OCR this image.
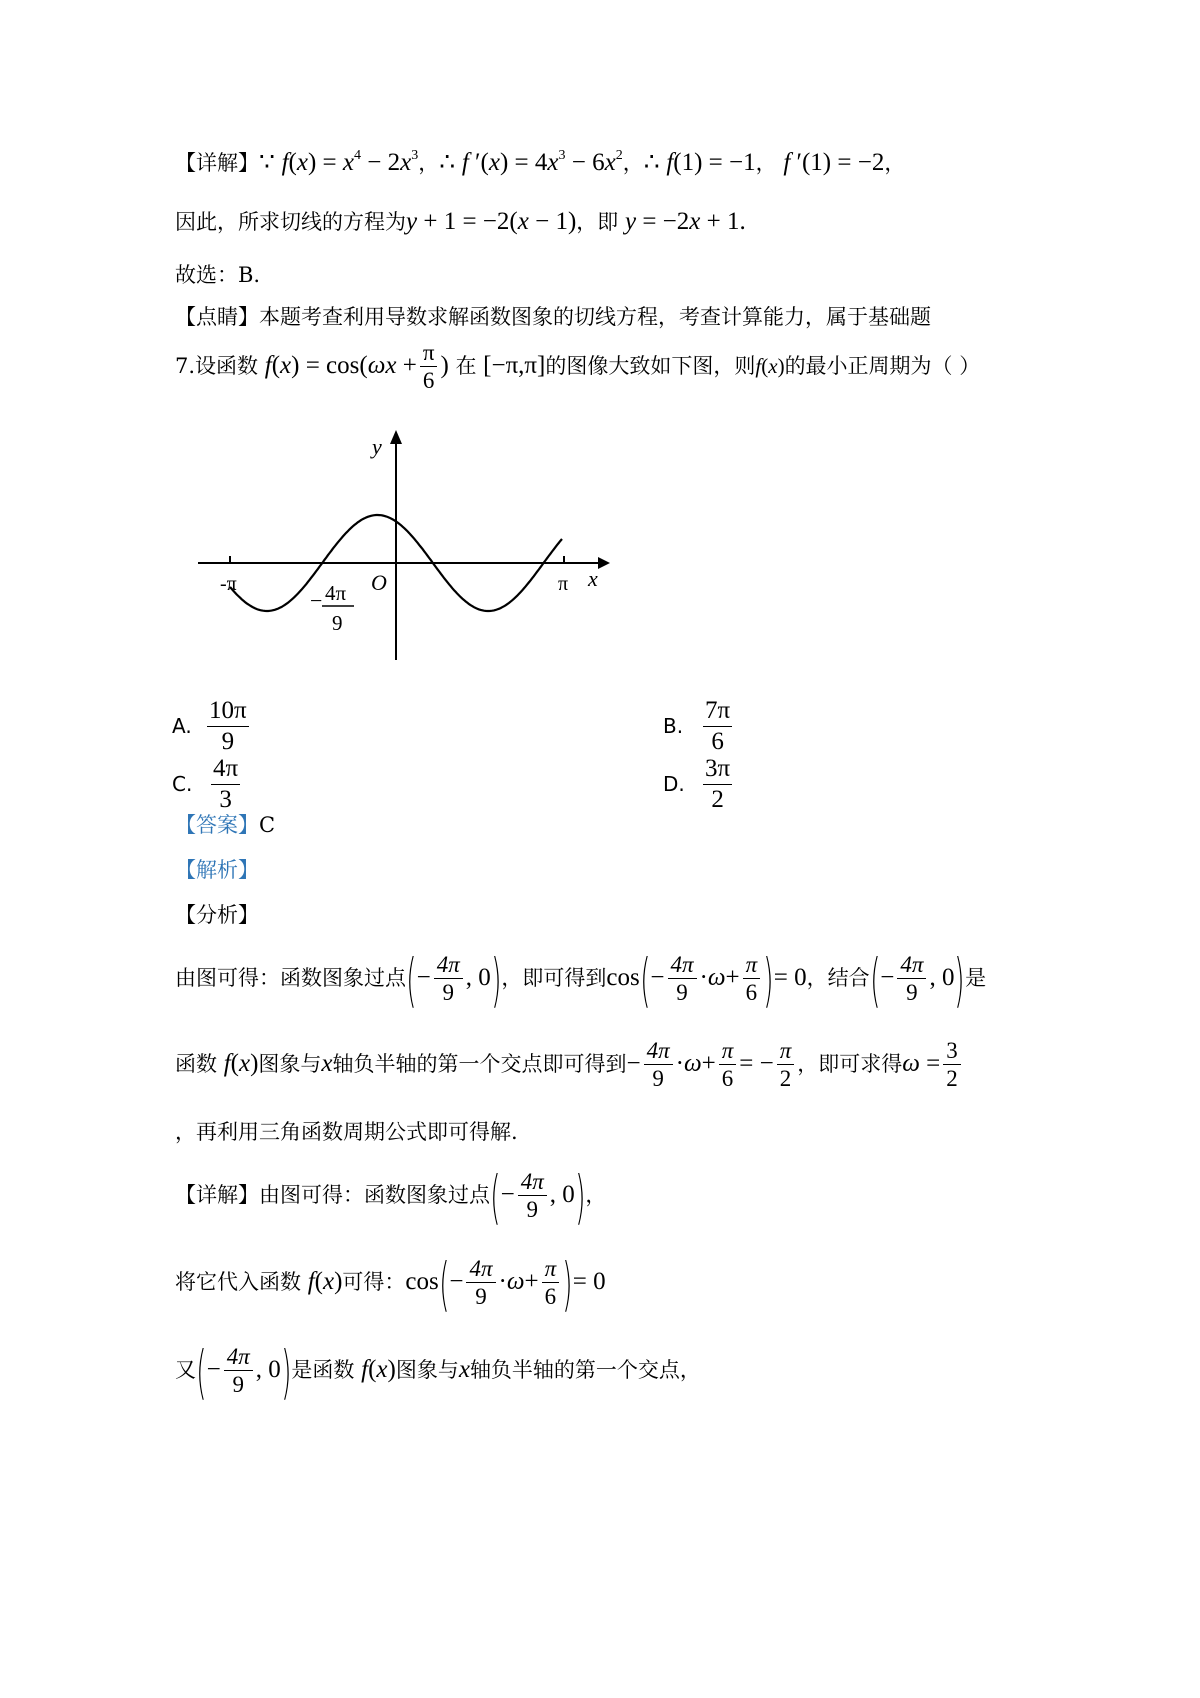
【详解】∵ $f(x) = x^4 - 2x^3$，∴ f $'(x) = 4x^3 - 6x^2$，∴ f(1) = −1， f ′(1) = −2，
因此，所求切线的方程为y + 1 = −2(x − 1)，即 y = −2x + 1.
故选：B.
【点睛】本题考查利用导数求解函数图象的切线方程，考查计算能力，属于基础题
7.设函数 $f(x) = \cos(\omega x + \frac{\pi}{6}$ ) 在 [−π,π]的图像大致如下图，则f(x)的最小正周期为（ ）
y
x
O
-π	π
− 4π
9
A. $\frac{10\pi}{9}$	B. $\frac{7\pi}{6}$
C. $\frac{4\pi}{3}$	D. $\frac{3\pi}{2}$
【答案】C
【解析】
【分析】
由图可得：函数图象过点(− $\frac{4\pi}{9}$ , 0)，即可得到$\cos(- \frac{4\pi}{9} \cdot\omega+ \frac{\pi}{6}$ )= 0，结合(− $\frac{4\pi}{9}$ , 0)是
函数 f(x)图象与x轴负半轴的第一个交点即可得到− $\frac{4\pi}{9} \cdot\omega+ \frac{\pi}{6}$ = − $\frac{\pi}{2}$ ，即可求得$\omega = \frac{3}{2}$
，再利用三角函数周期公式即可得解.
【详解】由图可得：函数图象过点(− $\frac{4\pi}{9}$ , 0)，
将它代入函数 f(x)可得：$\cos(- \frac{4\pi}{9} \cdot\omega+ \frac{\pi}{6}$ )= 0
又(− $\frac{4\pi}{9}$ , 0)是函数 f(x)图象与x轴负半轴的第一个交点，
